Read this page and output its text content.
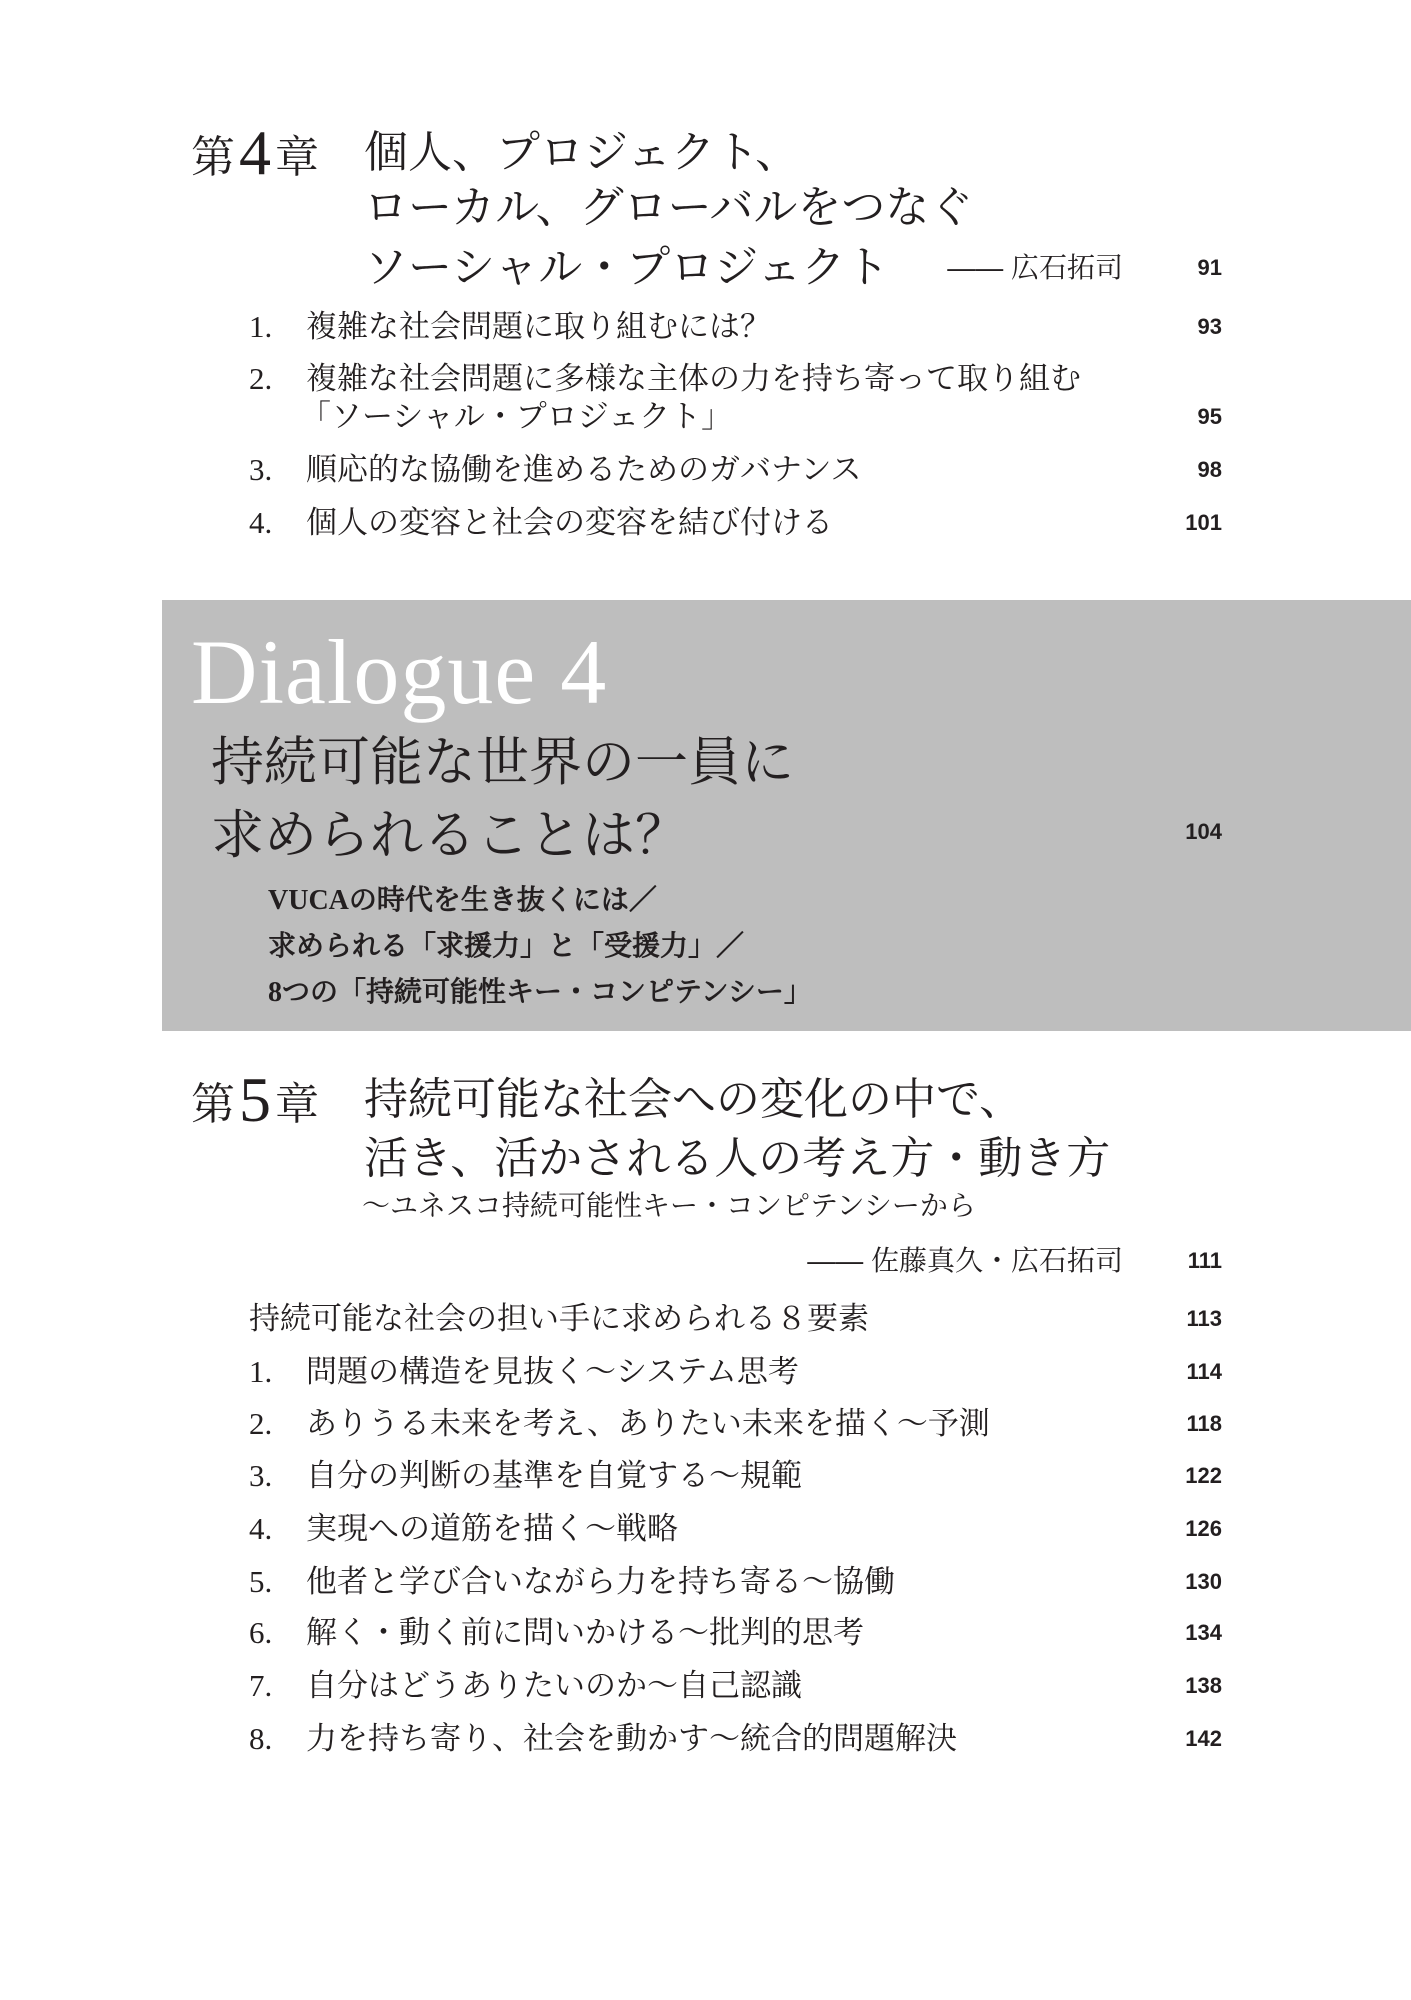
第4章 個人、プロジェクト、
ローカル、グローバルをつなぐ
ソーシャル・プロジェクト —— 広石拓司	91
1. 複雑な社会問題に取り組むには？	93
2. 複雑な社会問題に多様な主体の力を持ち寄って取り組む
「ソーシャル・プロジェクト」	95
3. 順応的な協働を進めるためのガバナンス	98
4. 個人の変容と社会の変容を結び付ける	101
Dialogue 4
持続可能な世界の一員に
求められることは？	104
VUCAの時代を生き抜くには／
求められる「求援力」と「受援力」／
8つの「持続可能性キー・コンピテンシー」
第5章 持続可能な社会への変化の中で、
活き、活かされる人の考え方・動き方
～ユネスコ持続可能性キー・コンピテンシーから
—— 佐藤真久・広石拓司	111
持続可能な社会の担い手に求められる８要素	113
1. 問題の構造を見抜く～システム思考	114
2. ありうる未来を考え、ありたい未来を描く～予測	118
3. 自分の判断の基準を自覚する～規範	122
4. 実現への道筋を描く～戦略	126
5. 他者と学び合いながら力を持ち寄る～協働	130
6. 解く・動く前に問いかける～批判的思考	134
7. 自分はどうありたいのか～自己認識	138
8. 力を持ち寄り、社会を動かす～統合的問題解決	142
